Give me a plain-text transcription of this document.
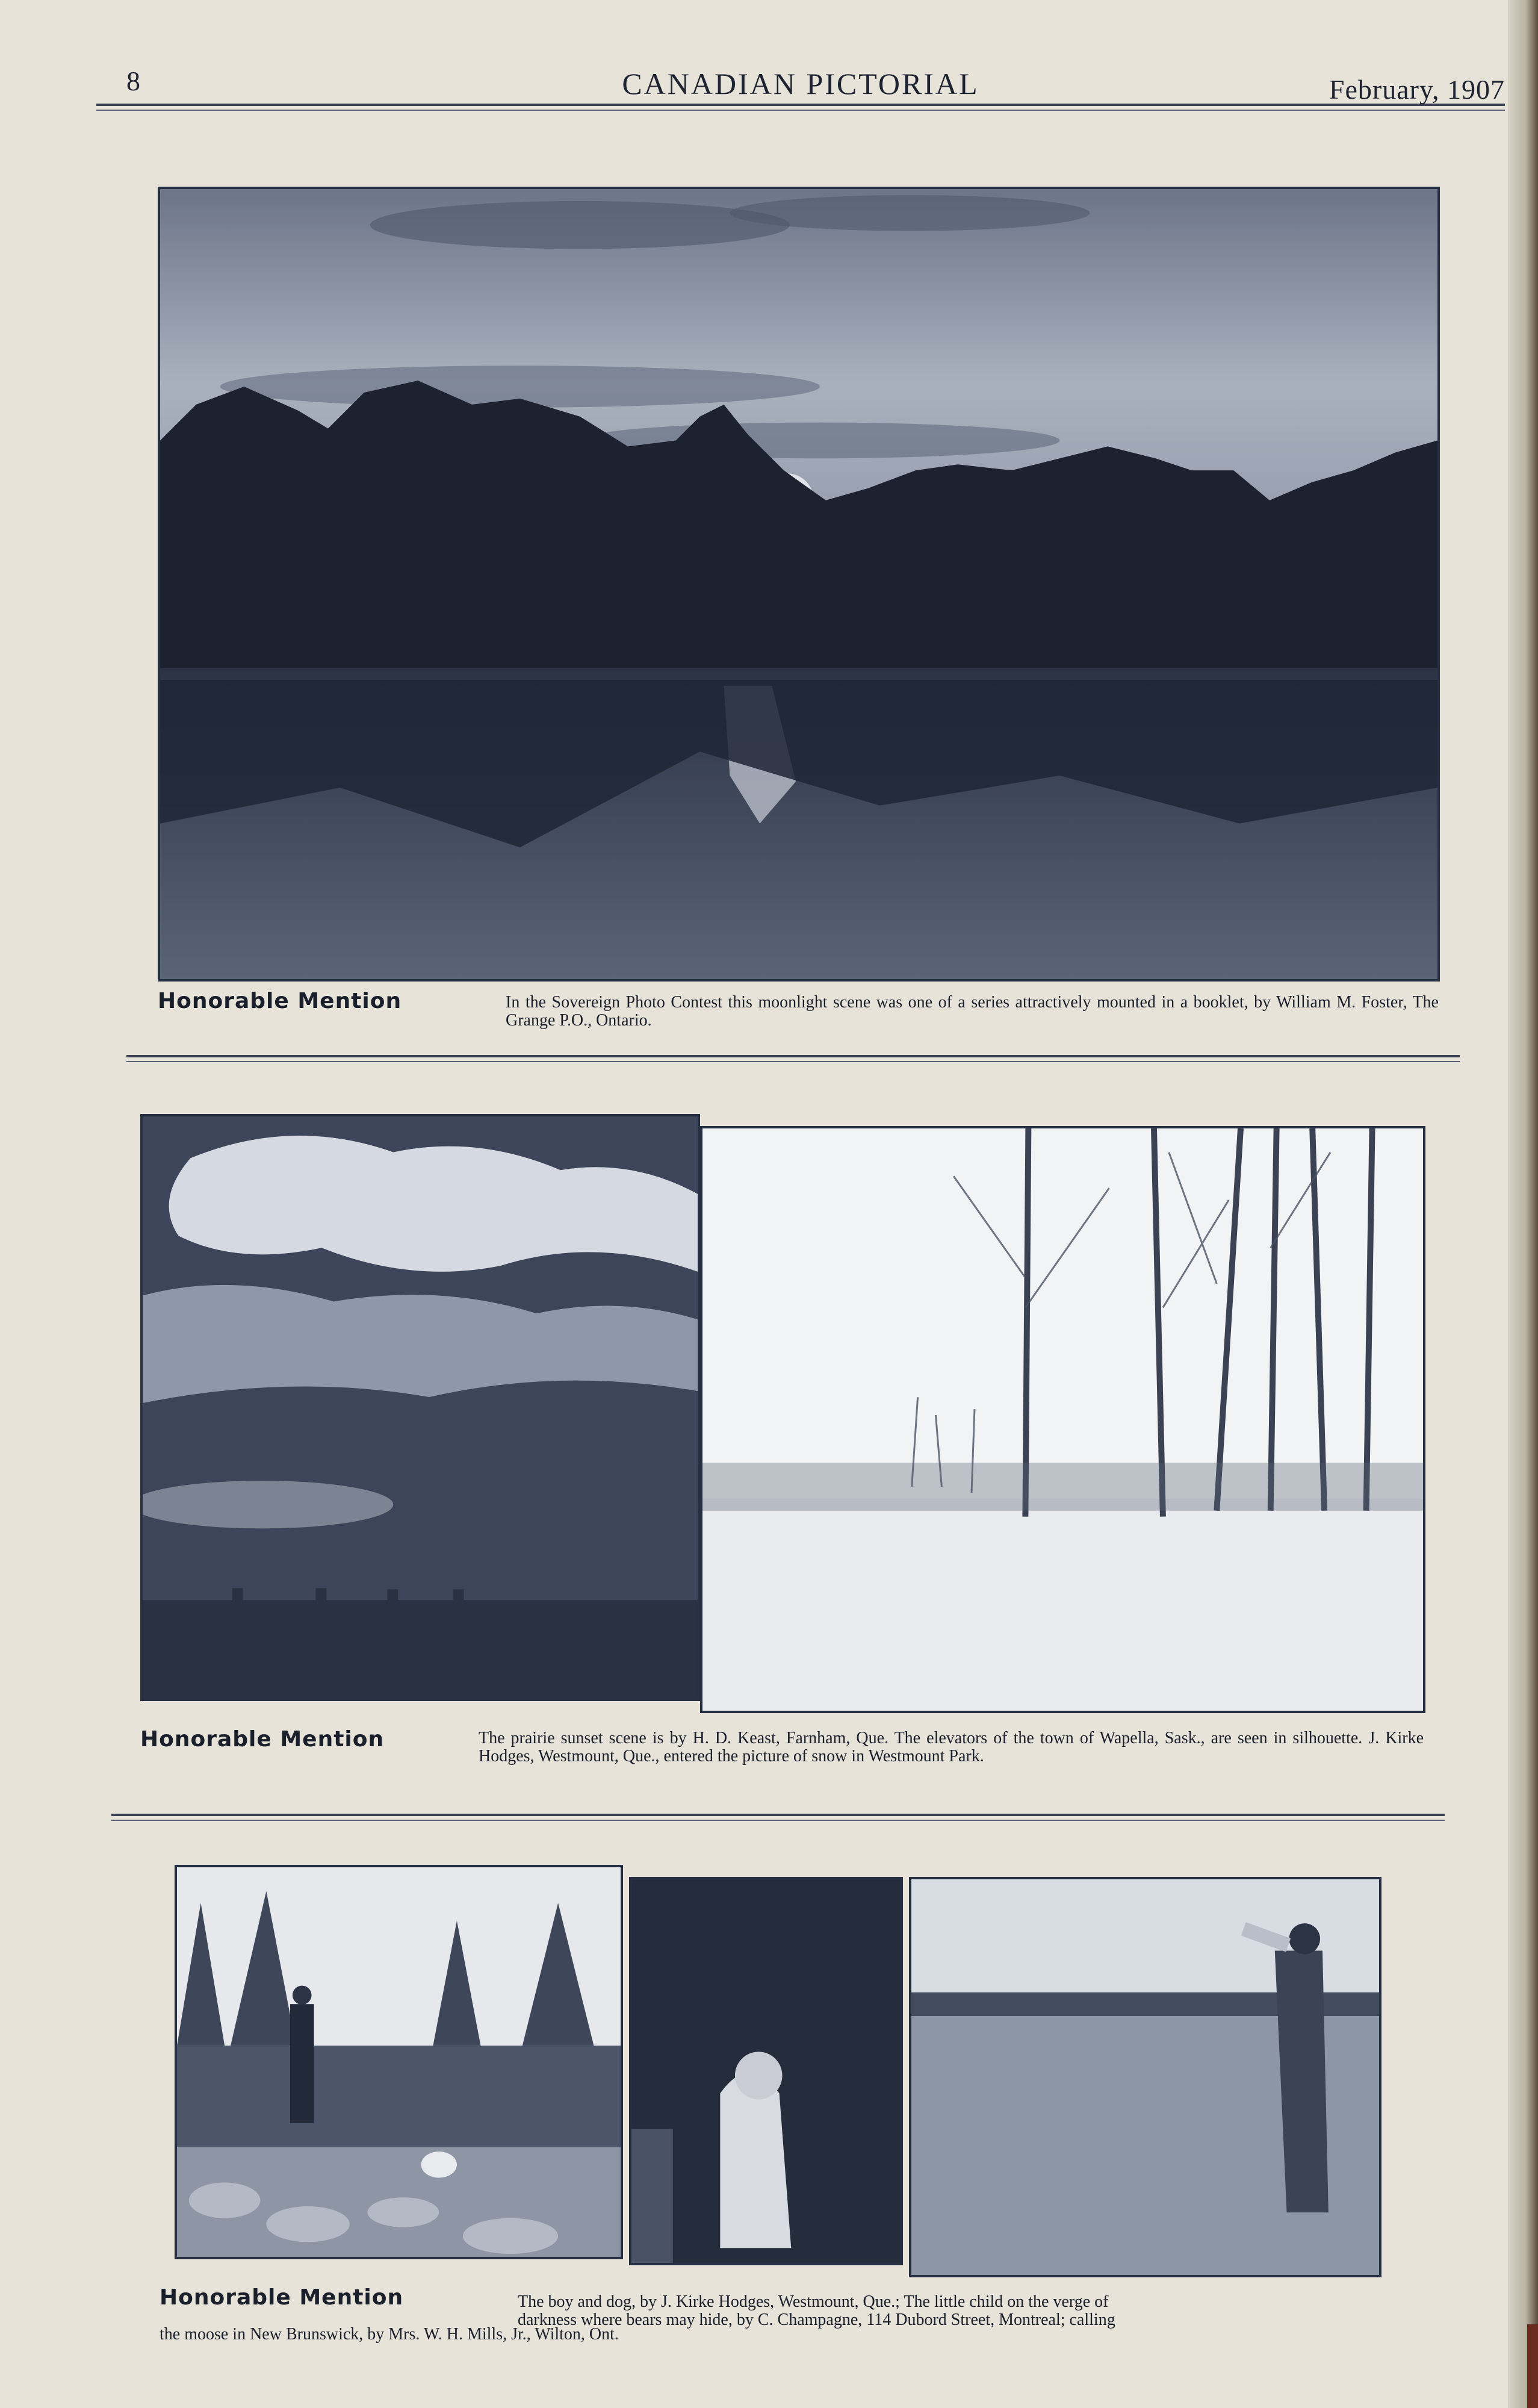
8	CANADIAN PICTORIAL	February, 1907
Honorable Mention	In the Sovereign Photo Contest this moonlight scene was one of a series attractively mounted in a booklet, by William M. Foster, The Grange P.O., Ontario.
Honorable Mention	The prairie sunset scene is by H. D. Keast, Farnham, Que. The elevators of the town of Wapella, Sask., are seen in silhouette. J. Kirke Hodges, Westmount, Que., entered the picture of snow in Westmount Park.
Honorable Mention	The boy and dog, by J. Kirke Hodges, Westmount, Que.; The little child on the verge of
darkness where bears may hide, by C. Champagne, 114 Dubord Street, Montreal; calling
the moose in New Brunswick, by Mrs. W. H. Mills, Jr., Wilton, Ont.
